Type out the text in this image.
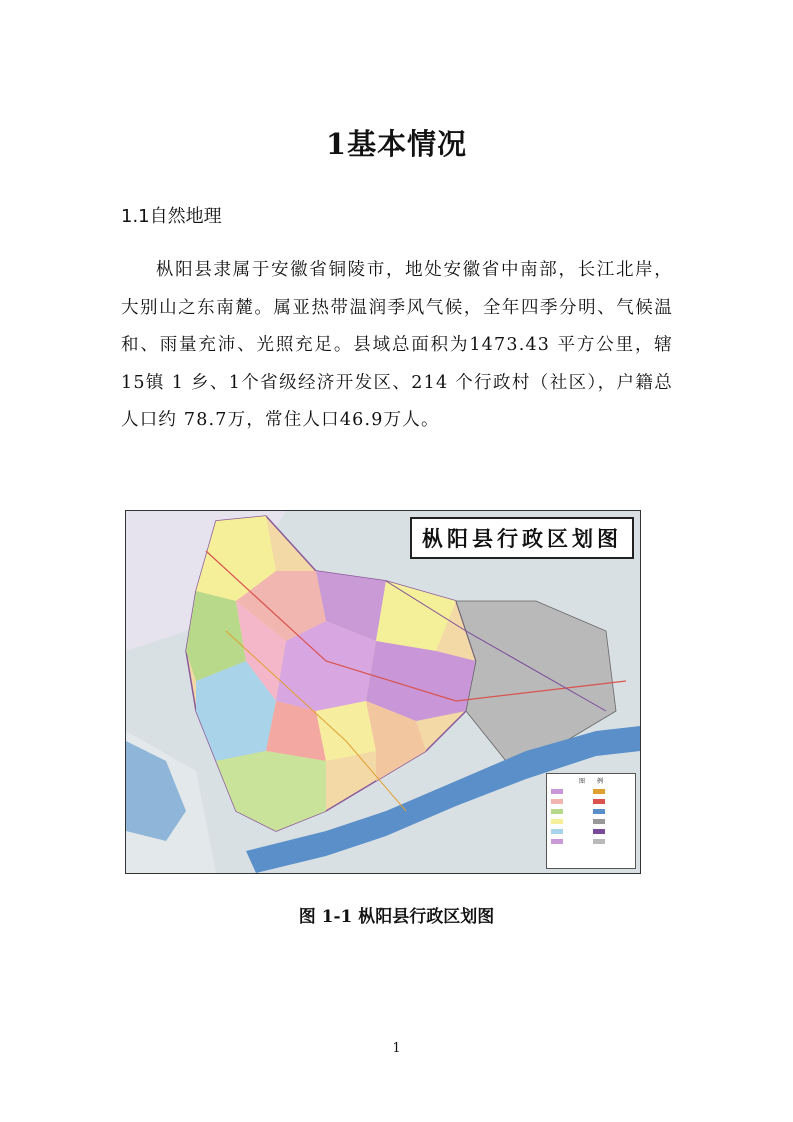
1基本情况
1.1自然地理
枞阳县隶属于安徽省铜陵市，地处安徽省中南部，长江北岸，大别山之东南麓。属亚热带温润季风气候，全年四季分明、气候温和、雨量充沛、光照充足。县域总面积为1473.43 平方公里，辖 15镇 1 乡、1个省级经济开发区、214 个行政村（社区），户籍总人口约 78.7万，常住人口46.9万人。
枞阳县行政区划图
图　　例
图 1-1 枞阳县行政区划图
1
